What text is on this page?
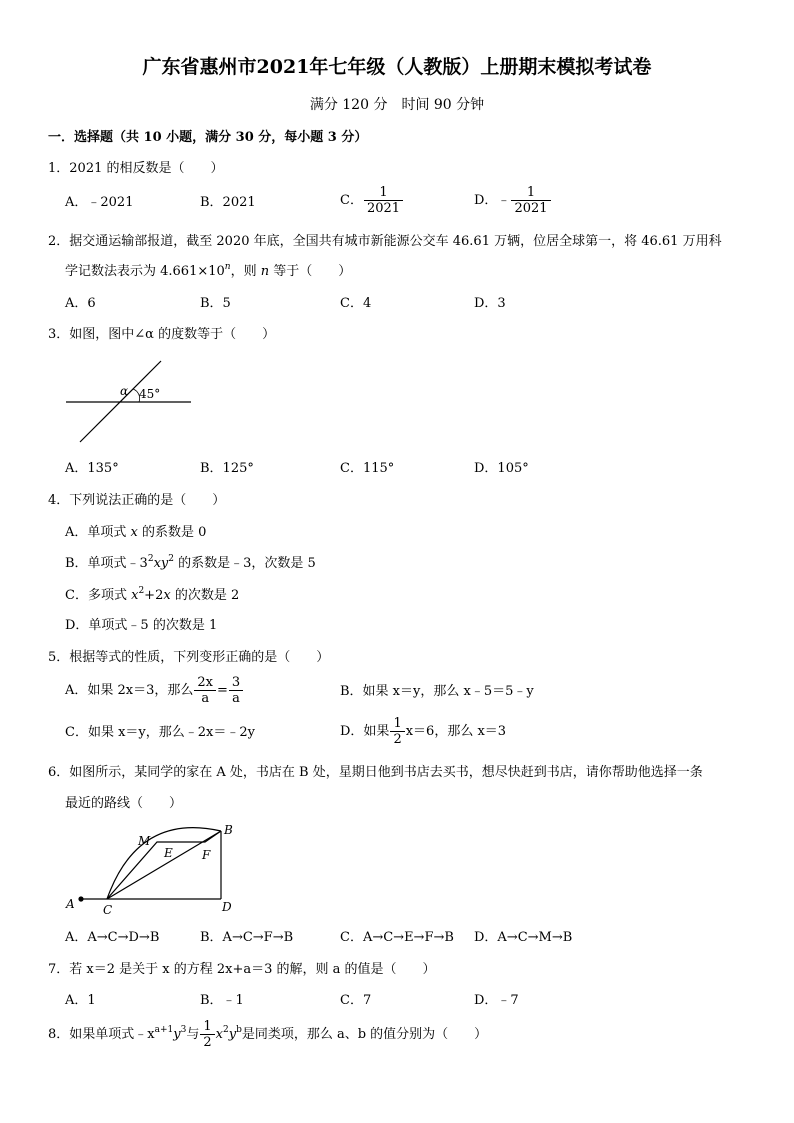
广东省惠州市2021年七年级（人教版）上册期末模拟考试卷
满分 120 分　时间 90 分钟
一．选择题（共 10 小题，满分 30 分，每小题 3 分）
1．2021 的相反数是（　　）
A．﹣2021	B．2021	C． $\frac{1}{2021}$	D．﹣ $\frac{1}{2021}$
2．据交通运输部报道，截至 2020 年底，全国共有城市新能源公交车 46.61 万辆，位居全球第一，将 46.61 万用科
学记数法表示为 $4.661\times 10^n$，则 n 等于（　　）
A．6	B．5	C．4	D．3
3．如图，图中∠α 的度数等于（　　）
α 45°
A．135°	B．125°	C．115°	D．105°
4．下列说法正确的是（　　）
A．单项式 x 的系数是 0
B．单项式$﹣3^2xy^2$ 的系数是﹣3，次数是 5
C．多项式 $x^2+2x$ 的次数是 2
D．单项式﹣5 的次数是 1
5．根据等式的性质，下列变形正确的是（　　）
A．如果 2x＝3，那么 $\frac{2x}{a} = \frac{3}{a}$	B．如果 x＝y，那么 x﹣5＝5﹣y
C．如果 x＝y，那么﹣2x＝﹣2y	D．如果 $\frac{1}{2} x=6$，那么 x＝3
6．如图所示，某同学的家在 A 处，书店在 B 处，星期日他到书店去买书，想尽快赶到书店，请你帮助他选择一条
最近的路线（　　）
A
B
C	D
E F
M
A．A→C→D→B	B．A→C→F→B	C．A→C→E→F→B D．A→C→M→B
7．若 x＝2 是关于 x 的方程 2x+a＝3 的解，则 a 的值是（　　）
A．1	B．﹣1	C．7	D．﹣7
8．如果单项式$﹣x^{a+1}y^3$与 $\frac{1}{2} x^2y^b$是同类项，那么 a、b 的值分别为（　　）
